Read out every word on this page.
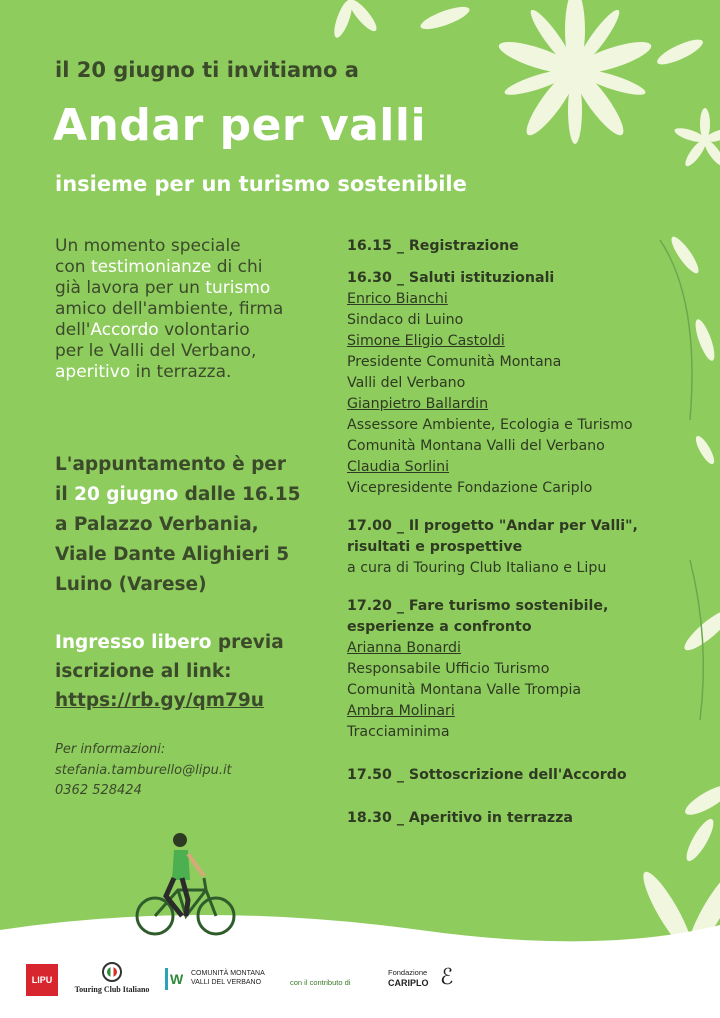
il 20 giugno ti invitiamo a
Andar per valli
insieme per un turismo sostenibile
Un momento speciale
con testimonianze di chi
già lavora per un turismo
amico dell'ambiente, firma
dell'Accordo volontario
per le Valli del Verbano,
aperitivo in terrazza.
L'appuntamento è per
il 20 giugno dalle 16.15
a Palazzo Verbania,
Viale Dante Alighieri 5
Luino (Varese)
Ingresso libero previa
iscrizione al link:
https://rb.gy/qm79u
Per informazioni:
stefania.tamburello@lipu.it
0362 528424
16.15 _ Registrazione
16.30 _ Saluti istituzionali
Enrico Bianchi
Sindaco di Luino
Simone Eligio Castoldi
Presidente Comunità Montana
Valli del Verbano
Gianpietro Ballardin
Assessore Ambiente, Ecologia e Turismo
Comunità Montana Valli del Verbano
Claudia Sorlini
Vicepresidente Fondazione Cariplo
17.00 _ Il progetto "Andar per Valli",
risultati e prospettive
a cura di Touring Club Italiano e Lipu
17.20 _ Fare turismo sostenibile,
esperienze a confronto
Arianna Bonardi
Responsabile Ufficio Turismo
Comunità Montana Valle Trompia
Ambra Molinari
Tracciaminima
17.50 _ Sottoscrizione dell'Accordo
18.30 _ Aperitivo in terrazza
LIPU
Touring Club Italiano
W	COMUNITÀ MONTANA
VALLI DEL VERBANO	con il contributo di
Fondazione
CARIPLO ℰ
